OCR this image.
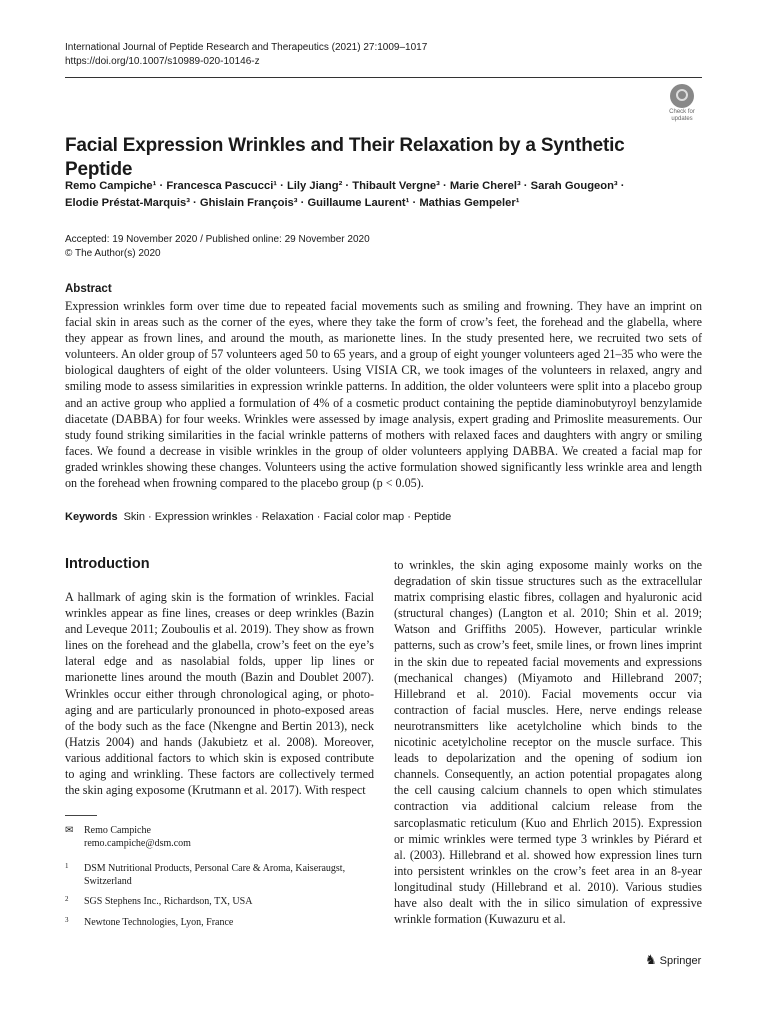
International Journal of Peptide Research and Therapeutics (2021) 27:1009–1017
https://doi.org/10.1007/s10989-020-10146-z
Check for
updates
Facial Expression Wrinkles and Their Relaxation by a Synthetic Peptide
Remo Campiche¹ · Francesca Pascucci¹ · Lily Jiang² · Thibault Vergne³ · Marie Cherel³ · Sarah Gougeon³ ·
Elodie Préstat-Marquis³ · Ghislain François³ · Guillaume Laurent¹ · Mathias Gempeler¹
Accepted: 19 November 2020 / Published online: 29 November 2020
© The Author(s) 2020
Abstract

Expression wrinkles form over time due to repeated facial movements such as smiling and frowning. They have an imprint on facial skin in areas such as the corner of the eyes, where they take the form of crow’s feet, the forehead and the glabella, where they appear as frown lines, and around the mouth, as marionette lines. In the study presented here, we recruited two sets of volunteers. An older group of 57 volunteers aged 50 to 65 years, and a group of eight younger volunteers aged 21–35 who were the biological daughters of eight of the older volunteers. Using VISIA CR, we took images of the volunteers in relaxed, angry and smiling mode to assess similarities in expression wrinkle patterns. In addition, the older volunteers were split into a placebo group and an active group who applied a formulation of 4% of a cosmetic product containing the peptide diaminobutyroyl benzylamide diacetate (DABBA) for four weeks. Wrinkles were assessed by image analysis, expert grading and Primoslite measurements. Our study found striking similarities in the facial wrinkle patterns of mothers with relaxed faces and daughters with angry or smiling faces. We found a decrease in visible wrinkles in the group of older volunteers applying DABBA. We created a facial map for graded wrinkles showing these changes. Volunteers using the active formulation showed significantly less wrinkle area and length on the forehead when frowning compared to the placebo group (p < 0.05).

Keywords Skin · Expression wrinkles · Relaxation · Facial color map · Peptide
Introduction

A hallmark of aging skin is the formation of wrinkles. Facial wrinkles appear as fine lines, creases or deep wrinkles (Bazin and Leveque 2011; Zouboulis et al. 2019). They show as frown lines on the forehead and the glabella, crow’s feet on the eye’s lateral edge and as nasolabial folds, upper lip lines or marionette lines around the mouth (Bazin and Doublet 2007). Wrinkles occur either through chronological aging, or photo-aging and are particularly pronounced in photo-exposed areas of the body such as the face (Nkengne and Bertin 2013), neck (Hatzis 2004) and hands (Jakubietz et al. 2008). Moreover, various additional factors to which skin is exposed contribute to aging and wrinkling. These factors are collectively termed the skin aging exposome (Krutmann et al. 2017). With respect

to wrinkles, the skin aging exposome mainly works on the degradation of skin tissue structures such as the extracellular matrix comprising elastic fibres, collagen and hyaluronic acid (structural changes) (Langton et al. 2010; Shin et al. 2019; Watson and Griffiths 2005). However, particular wrinkle patterns, such as crow’s feet, smile lines, or frown lines imprint in the skin due to repeated facial movements and expressions (mechanical changes) (Miyamoto and Hillebrand 2007; Hillebrand et al. 2010). Facial movements occur via contraction of facial muscles. Here, nerve endings release neurotransmitters like acetylcholine which binds to the nicotinic acetylcholine receptor on the muscle surface. This leads to depolarization and the opening of sodium ion channels. Consequently, an action potential propagates along the cell causing calcium channels to open which stimulates contraction via additional calcium release from the sarcoplasmatic reticulum (Kuo and Ehrlich 2015). Expression or mimic wrinkles were termed type 3 wrinkles by Piérard et al. (2003). Hillebrand et al. showed how expression lines turn into persistent wrinkles on the crow’s feet area in an 8-year longitudinal study (Hillebrand et al. 2010). Various studies have also dealt with the in silico simulation of expressive wrinkle formation (Kuwazuru et al.

✉ Remo Campiche
remo.campiche@dsm.com
1 DSM Nutritional Products, Personal Care & Aroma, Kaiseraugst, Switzerland
2 SGS Stephens Inc., Richardson, TX, USA
3 Newtone Technologies, Lyon, France
♞ Springer
